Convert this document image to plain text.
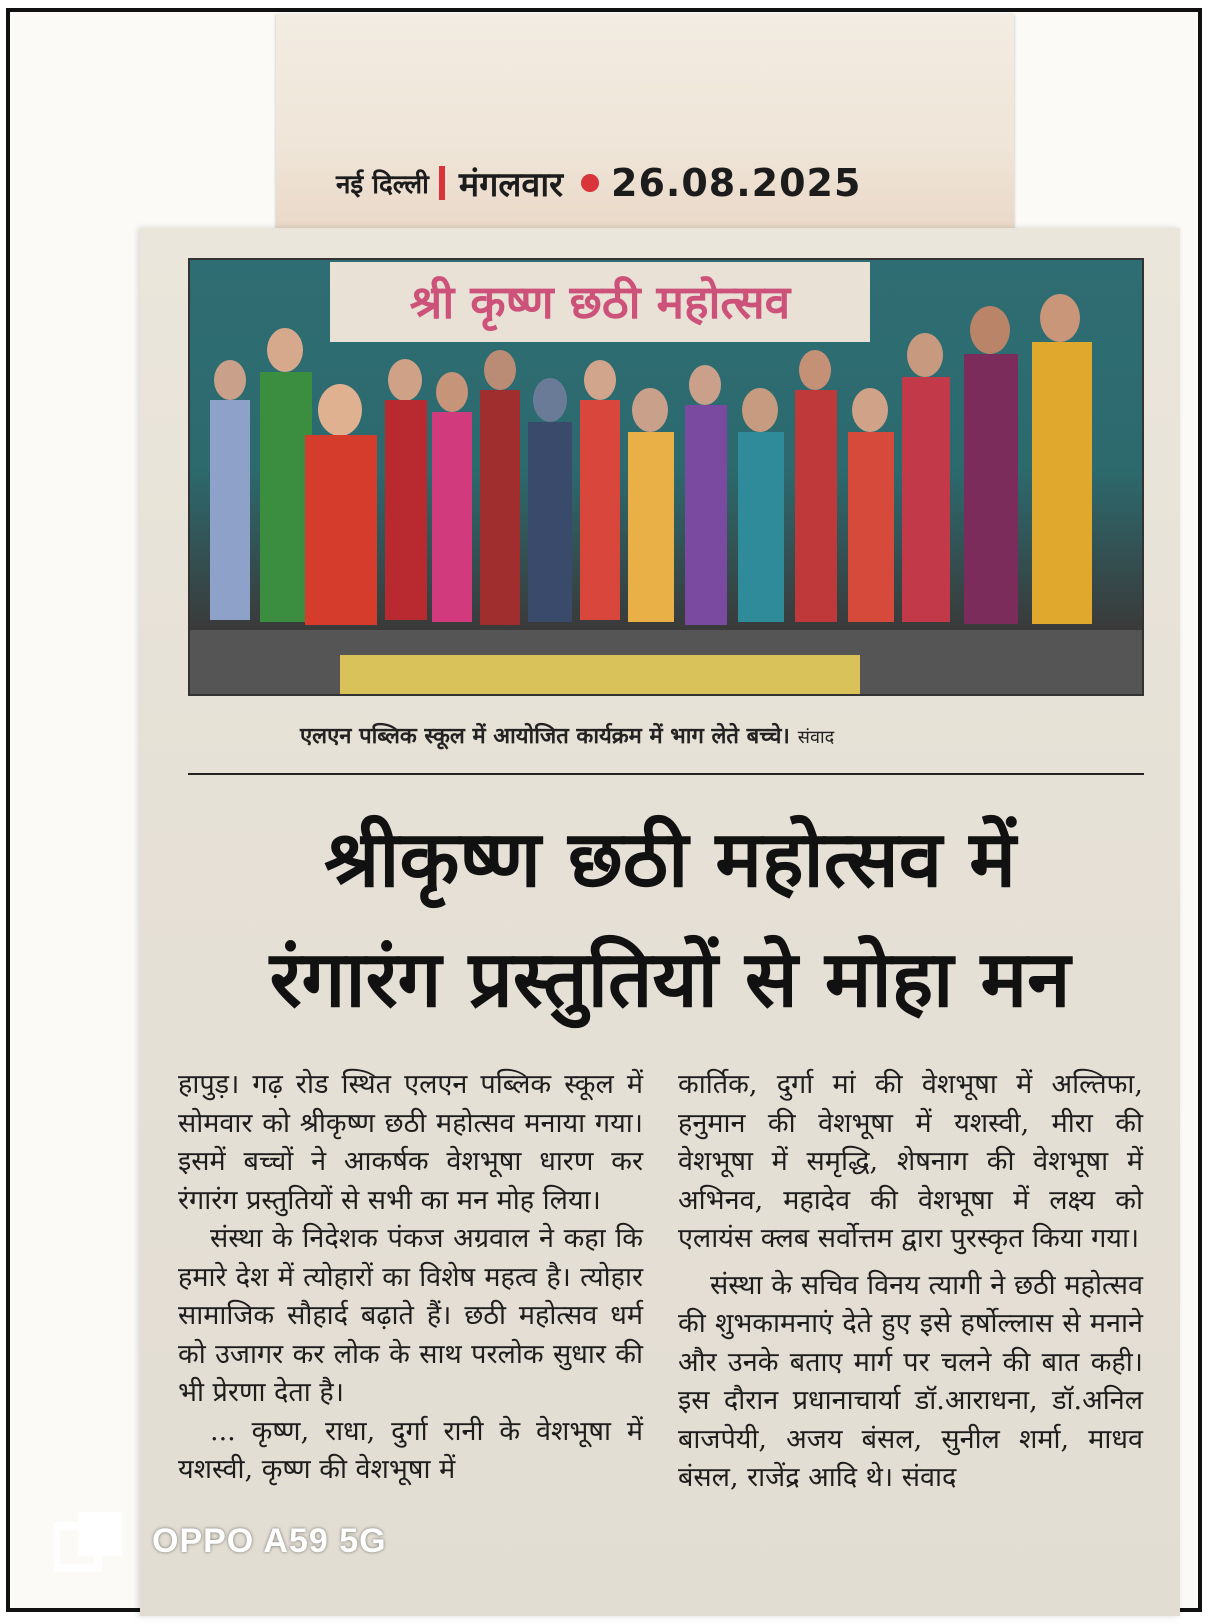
नई दिल्ली मंगलवार 26.08.2025
श्री कृष्ण छठी महोत्सव
एलएन पब्लिक स्कूल में आयोजित कार्यक्रम में भाग लेते बच्चे। संवाद
श्रीकृष्ण छठी महोत्सव में
रंगारंग प्रस्तुतियों से मोहा मन

हापुड़। गढ़ रोड स्थित एलएन पब्लिक स्कूल में सोमवार को श्रीकृष्ण छठी महोत्सव मनाया गया। इसमें बच्चों ने आकर्षक वेशभूषा धारण कर रंगारंग प्रस्तुतियों से सभी का मन मोह लिया।

संस्था के निदेशक पंकज अग्रवाल ने कहा कि हमारे देश में त्योहारों का विशेष महत्व है। त्योहार सामाजिक सौहार्द बढ़ाते हैं। छठी महोत्सव धर्म को उजागर कर लोक के साथ परलोक सुधार की भी प्रेरणा देता है।

... कृष्ण, राधा, दुर्गा रानी के वेशभूषा में यशस्वी, कृष्ण की वेशभूषा में

कार्तिक, दुर्गा मां की वेशभूषा में अल्तिफा, हनुमान की वेशभूषा में यशस्वी, मीरा की वेशभूषा में समृद्धि, शेषनाग की वेशभूषा में अभिनव, महादेव की वेशभूषा में लक्ष्य को एलायंस क्लब सर्वोत्तम द्वारा पुरस्कृत किया गया।

संस्था के सचिव विनय त्यागी ने छठी महोत्सव की शुभकामनाएं देते हुए इसे हर्षोल्लास से मनाने और उनके बताए मार्ग पर चलने की बात कही। इस दौरान प्रधानाचार्या डॉ.आराधना, डॉ.अनिल बाजपेयी, अजय बंसल, सुनील शर्मा, माधव बंसल, राजेंद्र आदि थे। संवाद

OPPO A59 5G
